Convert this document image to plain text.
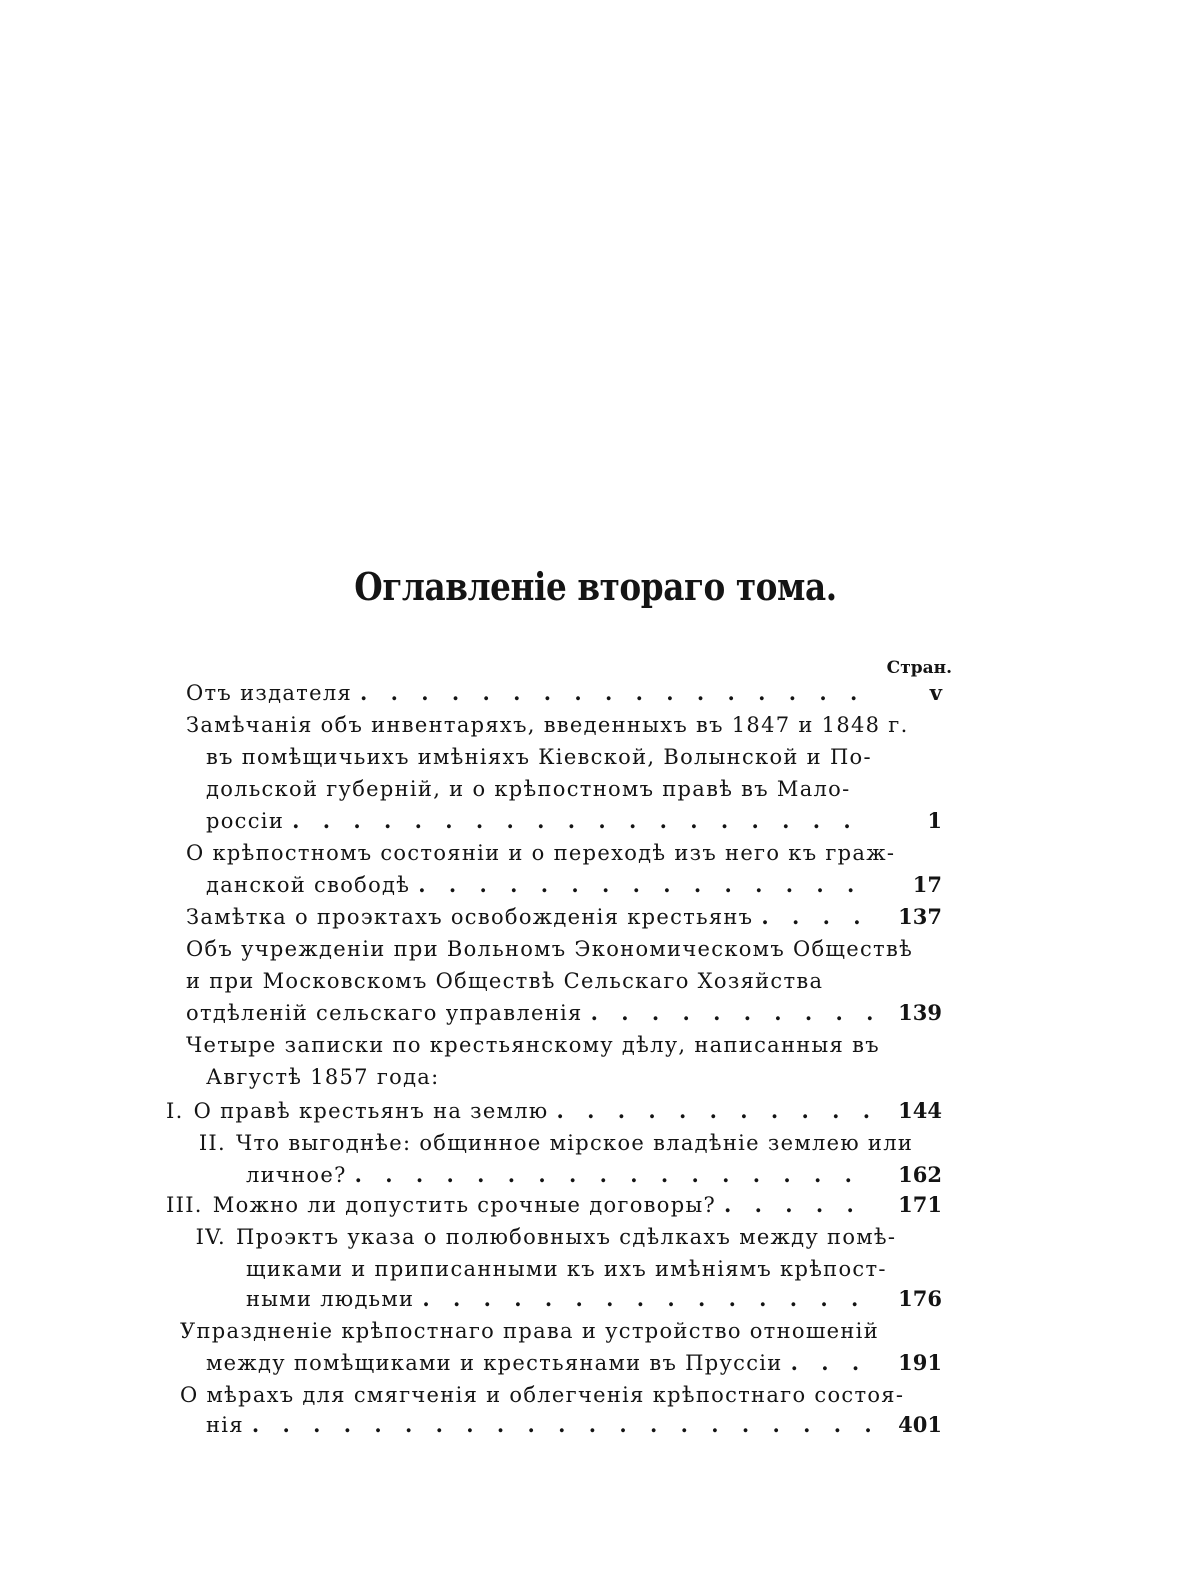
Оглавленіе втораго тома.
Стран.
Отъ издателя . . .	v
Замѣчанія объ инвентаряхъ, введенныхъ въ 1847 и 1848 г.
въ помѣщичьихъ имѣніяхъ Кіевской, Волынской и По-
дольской губерній, и о крѣпостномъ правѣ въ Мало-
россіи . . .	1
О крѣпостномъ состояніи и о переходѣ изъ него къ граж-
данской свободѣ . . .	17
Замѣтка о проэктахъ освобожденія крестьянъ . . .	137
Объ учрежденіи при Вольномъ Экономическомъ Обществѣ
и при Московскомъ Обществѣ Сельскаго Хозяйства
отдѣленій сельскаго управленія . . .	139
Четыре записки по крестьянскому дѣлу, написанныя въ
Августѣ 1857 года:
I. О правѣ крестьянъ на землю . . .	144
II. Что выгоднѣе: общинное мірское владѣніе землею или
личное? . . .	162
III. Можно ли допустить срочные договоры? . . .	171
IV. Проэктъ указа о полюбовныхъ сдѣлкахъ между помѣ-
щиками и приписанными къ ихъ имѣніямъ крѣпост-
ными людьми . . .	176
Упраздненіе крѣпостнаго права и устройство отношеній
между помѣщиками и крестьянами въ Пруссіи . . .	191
О мѣрахъ для смягченія и облегченія крѣпостнаго состоя-
нія . . .	401
